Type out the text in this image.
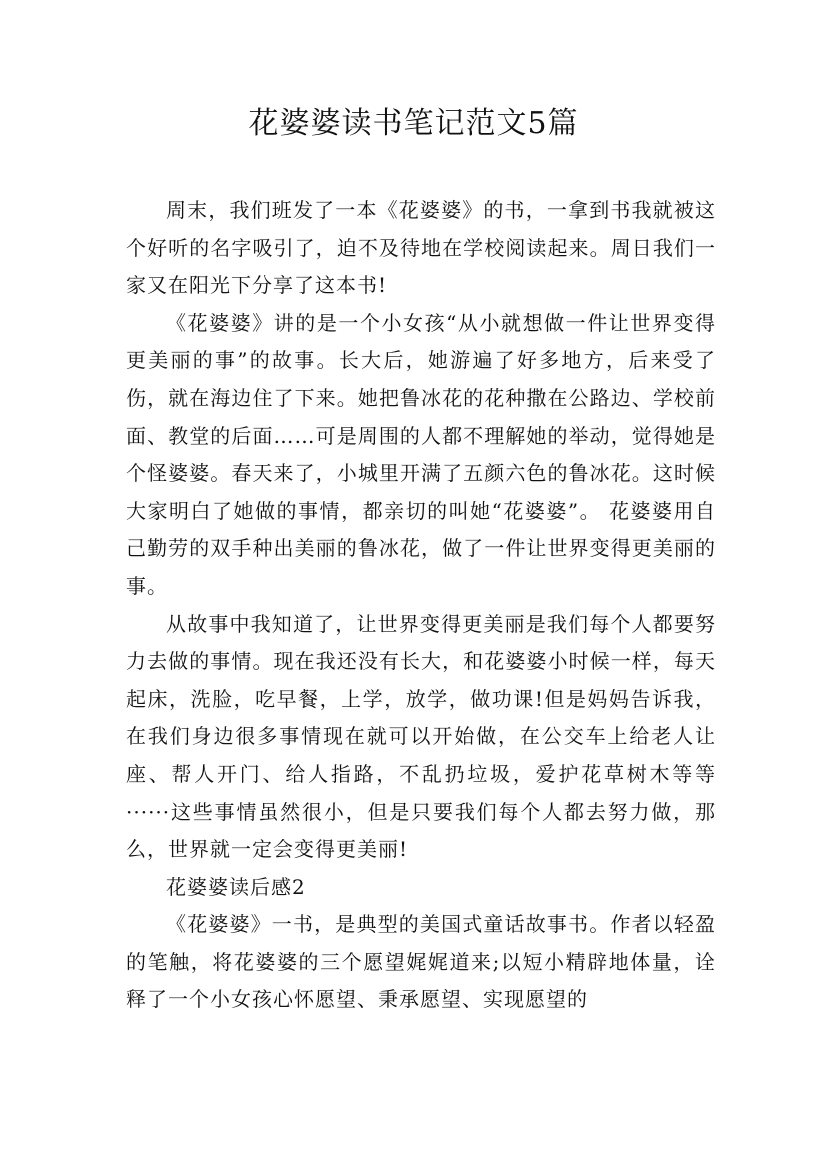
花婆婆读书笔记范文5篇

周末，我们班发了一本《花婆婆》的书，一拿到书我就被这个好听的名字吸引了，迫不及待地在学校阅读起来。周日我们一家又在阳光下分享了这本书!

《花婆婆》讲的是一个小女孩“从小就想做一件让世界变得更美丽的事”的故事。长大后，她游遍了好多地方，后来受了伤，就在海边住了下来。她把鲁冰花的花种撒在公路边、学校前面、教堂的后面……可是周围的人都不理解她的举动，觉得她是个怪婆婆。春天来了，小城里开满了五颜六色的鲁冰花。这时候大家明白了她做的事情，都亲切的叫她“花婆婆”。 花婆婆用自己勤劳的双手种出美丽的鲁冰花，做了一件让世界变得更美丽的事。

从故事中我知道了，让世界变得更美丽是我们每个人都要努力去做的事情。现在我还没有长大，和花婆婆小时候一样，每天起床，洗脸，吃早餐，上学，放学，做功课!但是妈妈告诉我，在我们身边很多事情现在就可以开始做，在公交车上给老人让座、帮人开门、给人指路，不乱扔垃圾，爱护花草树木等等······这些事情虽然很小，但是只要我们每个人都去努力做，那么，世界就一定会变得更美丽!

花婆婆读后感2

《花婆婆》一书，是典型的美国式童话故事书。作者以轻盈的笔触，将花婆婆的三个愿望娓娓道来;以短小精辟地体量，诠释了一个小女孩心怀愿望、秉承愿望、实现愿望的
